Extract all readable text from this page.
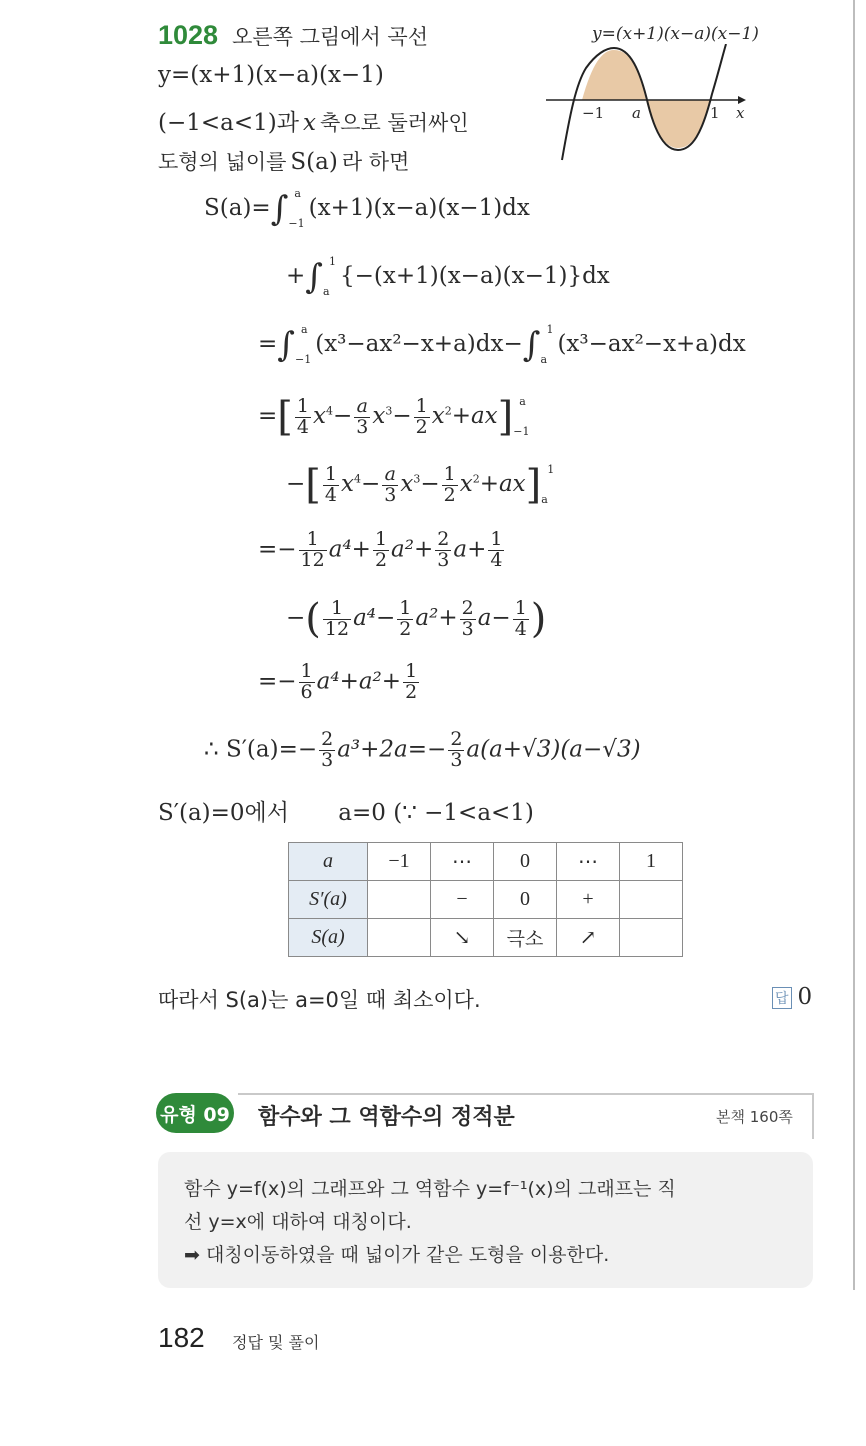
1028 오른쪽 그림에서 곡선
y=(x+1)(x−a)(x−1)
(−1<a<1)과 x 축으로 둘러싸인
도형의 넓이를 S(a) 라 하면
y=(x+1)(x−a)(x−1)
−1 a	1 x
S(a)=∫ a
−1
(x+1)(x−a)(x−1)dx
+∫ 1
a
{−(x+1)(x−a)(x−1)}dx
=∫ a
−1
(x³−ax²−x+a)dx−∫ 1
a
(x³−ax²−x+a)dx
=[ $\frac{1}{4} x^4- \frac{a}{3} x^3- \frac{1}{2} x^2+ax$] a
−1
−[ $\frac{1}{4} x^4- \frac{a}{3} x^3- \frac{1}{2} x^2+ax$] 1
a
=− $\frac{1}{12} a^4+ \frac{1}{2} a^2+ \frac{2}{3} a+ \frac{1}{4}$
−( $\frac{1}{12} a^4- \frac{1}{2} a^2+ \frac{2}{3} a- \frac{1}{4}$ )
=− $\frac{1}{6} a^4+a^2+ \frac{1}{2}$
∴ $S'(a)=- \frac{2}{3} a^3+2a=- \frac{2}{3} a(a+√3)(a-√3)$
S′(a)=0에서 a=0 (∵ −1<a<1)
a	−1	⋯	0	⋯	1
S′(a)		−	0	+	
S(a)		↘	극소	↗	
따라서 S(a)는 a=0일 때 최소이다.	답 0
유형 09 함수와 그 역함수의 정적분	본책 160쪽
함수 y=f(x)의 그래프와 그 역함수 y=f⁻¹(x)의 그래프는 직
선 y=x에 대하여 대칭이다.
➡ 대칭이동하였을 때 넓이가 같은 도형을 이용한다.
182 정답 및 풀이
